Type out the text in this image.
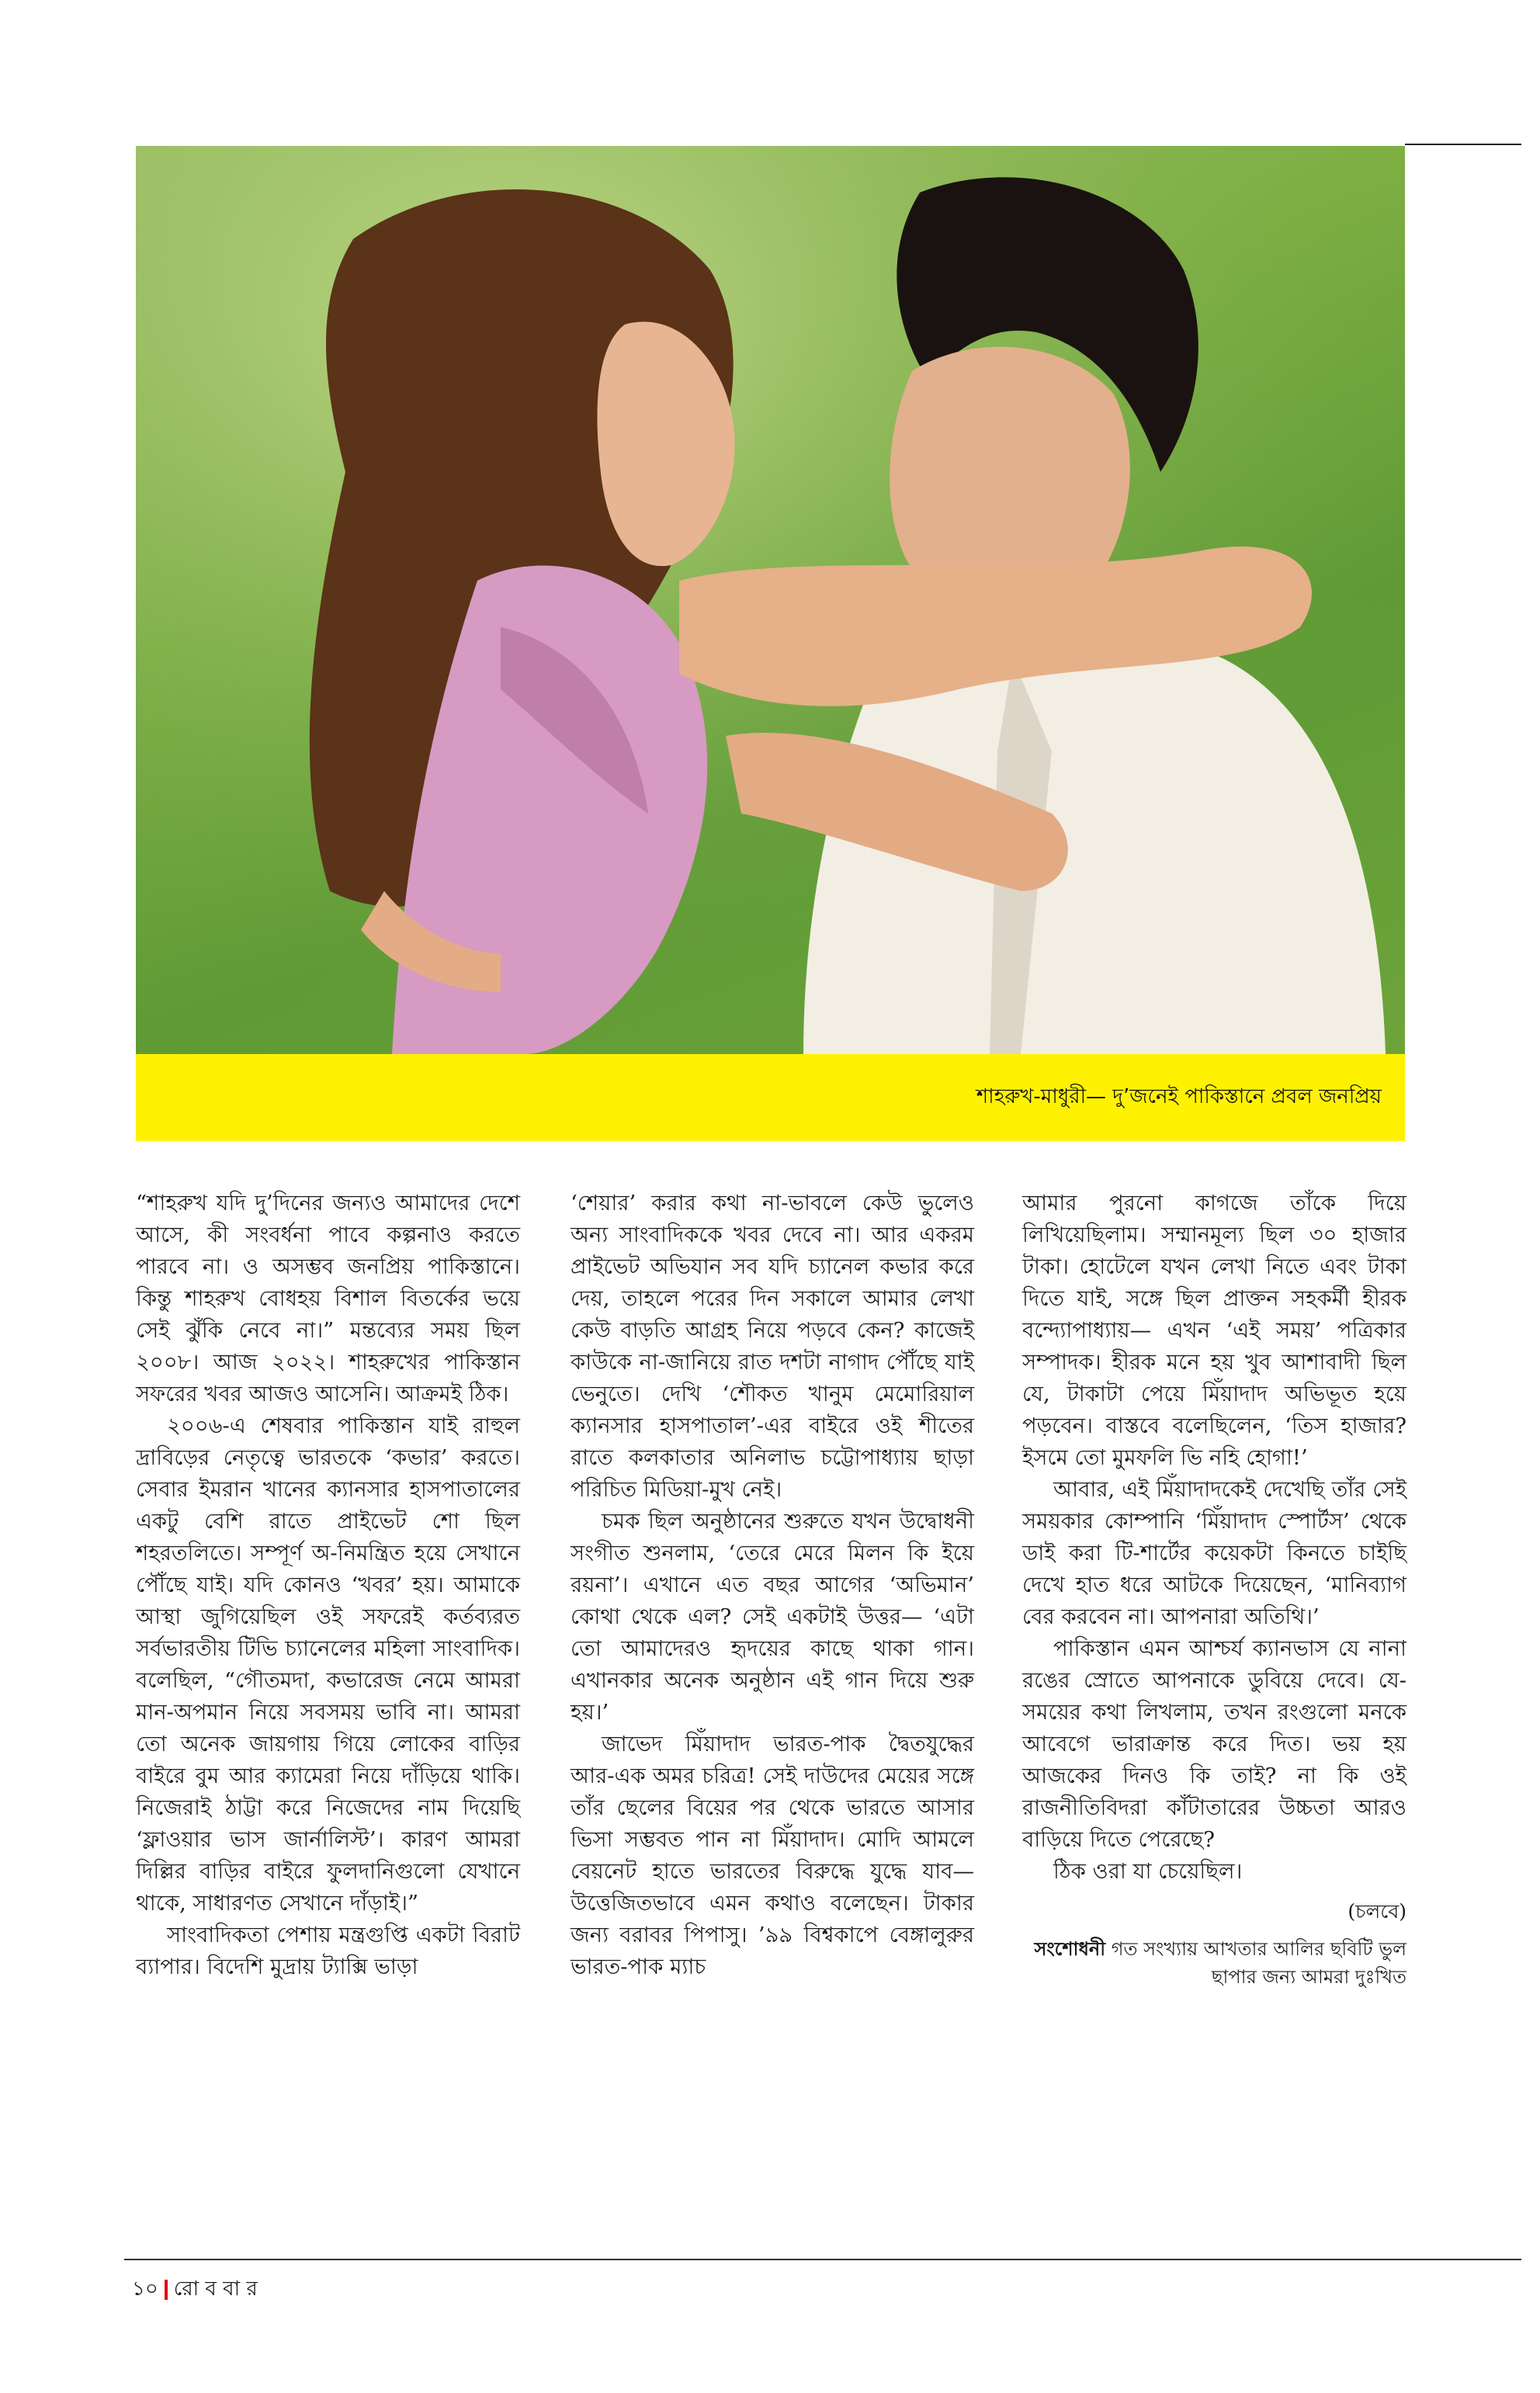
শাহরুখ-মাধুরী— দু’জনেই পাকিস্তানে প্রবল জনপ্রিয়

“শাহরুখ যদি দু’দিনের জন্যও আমাদের দেশে আসে, কী সংবর্ধনা পাবে কল্পনাও করতে পারবে না। ও অসম্ভব জনপ্রিয় পাকিস্তানে। কিন্তু শাহরুখ বোধহয় বিশাল বিতর্কের ভয়ে সেই ঝুঁকি নেবে না।” মন্তব্যের সময় ছিল ২০০৮। আজ ২০২২। শাহরুখের পাকিস্তান সফরের খবর আজও আসেনি। আক্রমই ঠিক।

২০০৬-এ শেষবার পাকিস্তান যাই রাহুল দ্রাবিড়ের নেতৃত্বে ভারতকে ‘কভার’ করতে। সেবার ইমরান খানের ক্যানসার হাসপাতালের একটু বেশি রাতে প্রাইভেট শো ছিল শহরতলিতে। সম্পূর্ণ অ-নিমন্ত্রিত হয়ে সেখানে পৌঁছে যাই। যদি কোনও ‘খবর’ হয়। আমাকে আস্থা জুগিয়েছিল ওই সফরেই কর্তব্যরত সর্বভারতীয় টিভি চ্যানেলের মহিলা সাংবাদিক। বলেছিল, “গৌতমদা, কভারেজ নেমে আমরা মান-অপমান নিয়ে সবসময় ভাবি না। আমরা তো অনেক জায়গায় গিয়ে লোকের বাড়ির বাইরে বুম আর ক্যামেরা নিয়ে দাঁড়িয়ে থাকি। নিজেরাই ঠাট্টা করে নিজেদের নাম দিয়েছি ‘ফ্লাওয়ার ভাস জার্নালিস্ট’। কারণ আমরা দিল্লির বাড়ির বাইরে ফুলদানিগুলো যেখানে থাকে, সাধারণত সেখানে দাঁড়াই।”

সাংবাদিকতা পেশায় মন্ত্রগুপ্তি একটা বিরাট ব্যাপার। বিদেশি মুদ্রায় ট্যাক্সি ভাড়া

‘শেয়ার’ করার কথা না-ভাবলে কেউ ভুলেও অন্য সাংবাদিককে খবর দেবে না। আর একরম প্রাইভেট অভিযান সব যদি চ্যানেল কভার করে দেয়, তাহলে পরের দিন সকালে আমার লেখা কেউ বাড়তি আগ্রহ নিয়ে পড়বে কেন? কাজেই কাউকে না-জানিয়ে রাত দশটা নাগাদ পৌঁছে যাই ভেনুতে। দেখি ‘শৌকত খানুম মেমোরিয়াল ক্যানসার হাসপাতাল’-এর বাইরে ওই শীতের রাতে কলকাতার অনিলাভ চট্টোপাধ্যায় ছাড়া পরিচিত মিডিয়া-মুখ নেই।

চমক ছিল অনুষ্ঠানের শুরুতে যখন উদ্বোধনী সংগীত শুনলাম, ‘তেরে মেরে মিলন কি ইয়ে রয়না’। এখানে এত বছর আগের ‘অভিমান’ কোথা থেকে এল? সেই একটাই উত্তর— ‘এটা তো আমাদেরও হৃদয়ের কাছে থাকা গান। এখানকার অনেক অনুষ্ঠান এই গান দিয়ে শুরু হয়।’

জাভেদ মিঁয়াদাদ ভারত-পাক দ্বৈতযুদ্ধের আর-এক অমর চরিত্র! সেই দাউদের মেয়ের সঙ্গে তাঁর ছেলের বিয়ের পর থেকে ভারতে আসার ভিসা সম্ভবত পান না মিঁয়াদাদ। মোদি আমলে বেয়নেট হাতে ভারতের বিরুদ্ধে যুদ্ধে যাব— উত্তেজিতভাবে এমন কথাও বলেছেন। টাকার জন্য বরাবর পিপাসু। ’৯৯ বিশ্বকাপে বেঙ্গালুরুর ভারত-পাক ম্যাচ

আমার পুরনো কাগজে তাঁকে দিয়ে লিখিয়েছিলাম। সম্মানমূল্য ছিল ৩০ হাজার টাকা। হোটেলে যখন লেখা নিতে এবং টাকা দিতে যাই, সঙ্গে ছিল প্রাক্তন সহকর্মী হীরক বন্দ্যোপাধ্যায়— এখন ‘এই সময়’ পত্রিকার সম্পাদক। হীরক মনে হয় খুব আশাবাদী ছিল যে, টাকাটা পেয়ে মিঁয়াদাদ অভিভূত হয়ে পড়বেন। বাস্তবে বলেছিলেন, ‘তিস হাজার? ইসমে তো মুমফলি ভি নহি হোগা!’

আবার, এই মিঁয়াদাদকেই দেখেছি তাঁর সেই সময়কার কোম্পানি ‘মিঁয়াদাদ স্পোর্টস’ থেকে ডাই করা টি-শার্টের কয়েকটা কিনতে চাইছি দেখে হাত ধরে আটকে দিয়েছেন, ‘মানিব্যাগ বের করবেন না। আপনারা অতিথি।’

পাকিস্তান এমন আশ্চর্য ক্যানভাস যে নানা রঙের স্রোতে আপনাকে ডুবিয়ে দেবে। যে-সময়ের কথা লিখলাম, তখন রংগুলো মনকে আবেগে ভারাক্রান্ত করে দিত। ভয় হয় আজকের দিনও কি তাই? না কি ওই রাজনীতিবিদরা কাঁটাতারের উচ্চতা আরও বাড়িয়ে দিতে পেরেছে?

ঠিক ওরা যা চেয়েছিল।

(চলবে)
সংশোধনী গত সংখ্যায় আখতার আলির ছবিটি ভুল ছাপার জন্য আমরা দুঃখিত
১০ রো ব বা র
